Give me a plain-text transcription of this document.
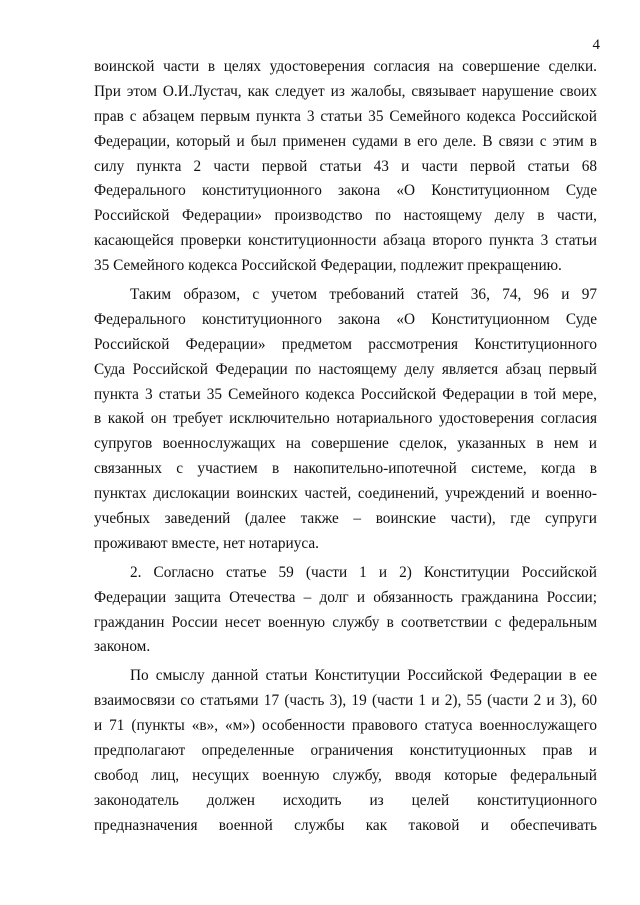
4
воинской части в целях удостоверения согласия на совершение сделки.
При этом О.И.Лустач, как следует из жалобы, связывает нарушение своих
прав с абзацем первым пункта 3 статьи 35 Семейного кодекса Российской
Федерации, который и был применен судами в его деле. В связи с этим в
силу пункта 2 части первой статьи 43 и части первой статьи 68
Федерального конституционного закона «О Конституционном Суде
Российской Федерации» производство по настоящему делу в части,
касающейся проверки конституционности абзаца второго пункта 3 статьи
35 Семейного кодекса Российской Федерации, подлежит прекращению.
Таким образом, с учетом требований статей 36, 74, 96 и 97
Федерального конституционного закона «О Конституционном Суде
Российской Федерации» предметом рассмотрения Конституционного
Суда Российской Федерации по настоящему делу является абзац первый
пункта 3 статьи 35 Семейного кодекса Российской Федерации в той мере,
в какой он требует исключительно нотариального удостоверения согласия
супругов военнослужащих на совершение сделок, указанных в нем и
связанных с участием в накопительно-ипотечной системе, когда в
пунктах дислокации воинских частей, соединений, учреждений и военно-
учебных заведений (далее также – воинские части), где супруги
проживают вместе, нет нотариуса.
2. Согласно статье 59 (части 1 и 2) Конституции Российской
Федерации защита Отечества – долг и обязанность гражданина России;
гражданин России несет военную службу в соответствии с федеральным
законом.
По смыслу данной статьи Конституции Российской Федерации в ее
взаимосвязи со статьями 17 (часть 3), 19 (части 1 и 2), 55 (части 2 и 3), 60
и 71 (пункты «в», «м») особенности правового статуса военнослужащего
предполагают определенные ограничения конституционных прав и
свобод лиц, несущих военную службу, вводя которые федеральный
законодатель должен исходить из целей конституционного
предназначения военной службы как таковой и обеспечивать
